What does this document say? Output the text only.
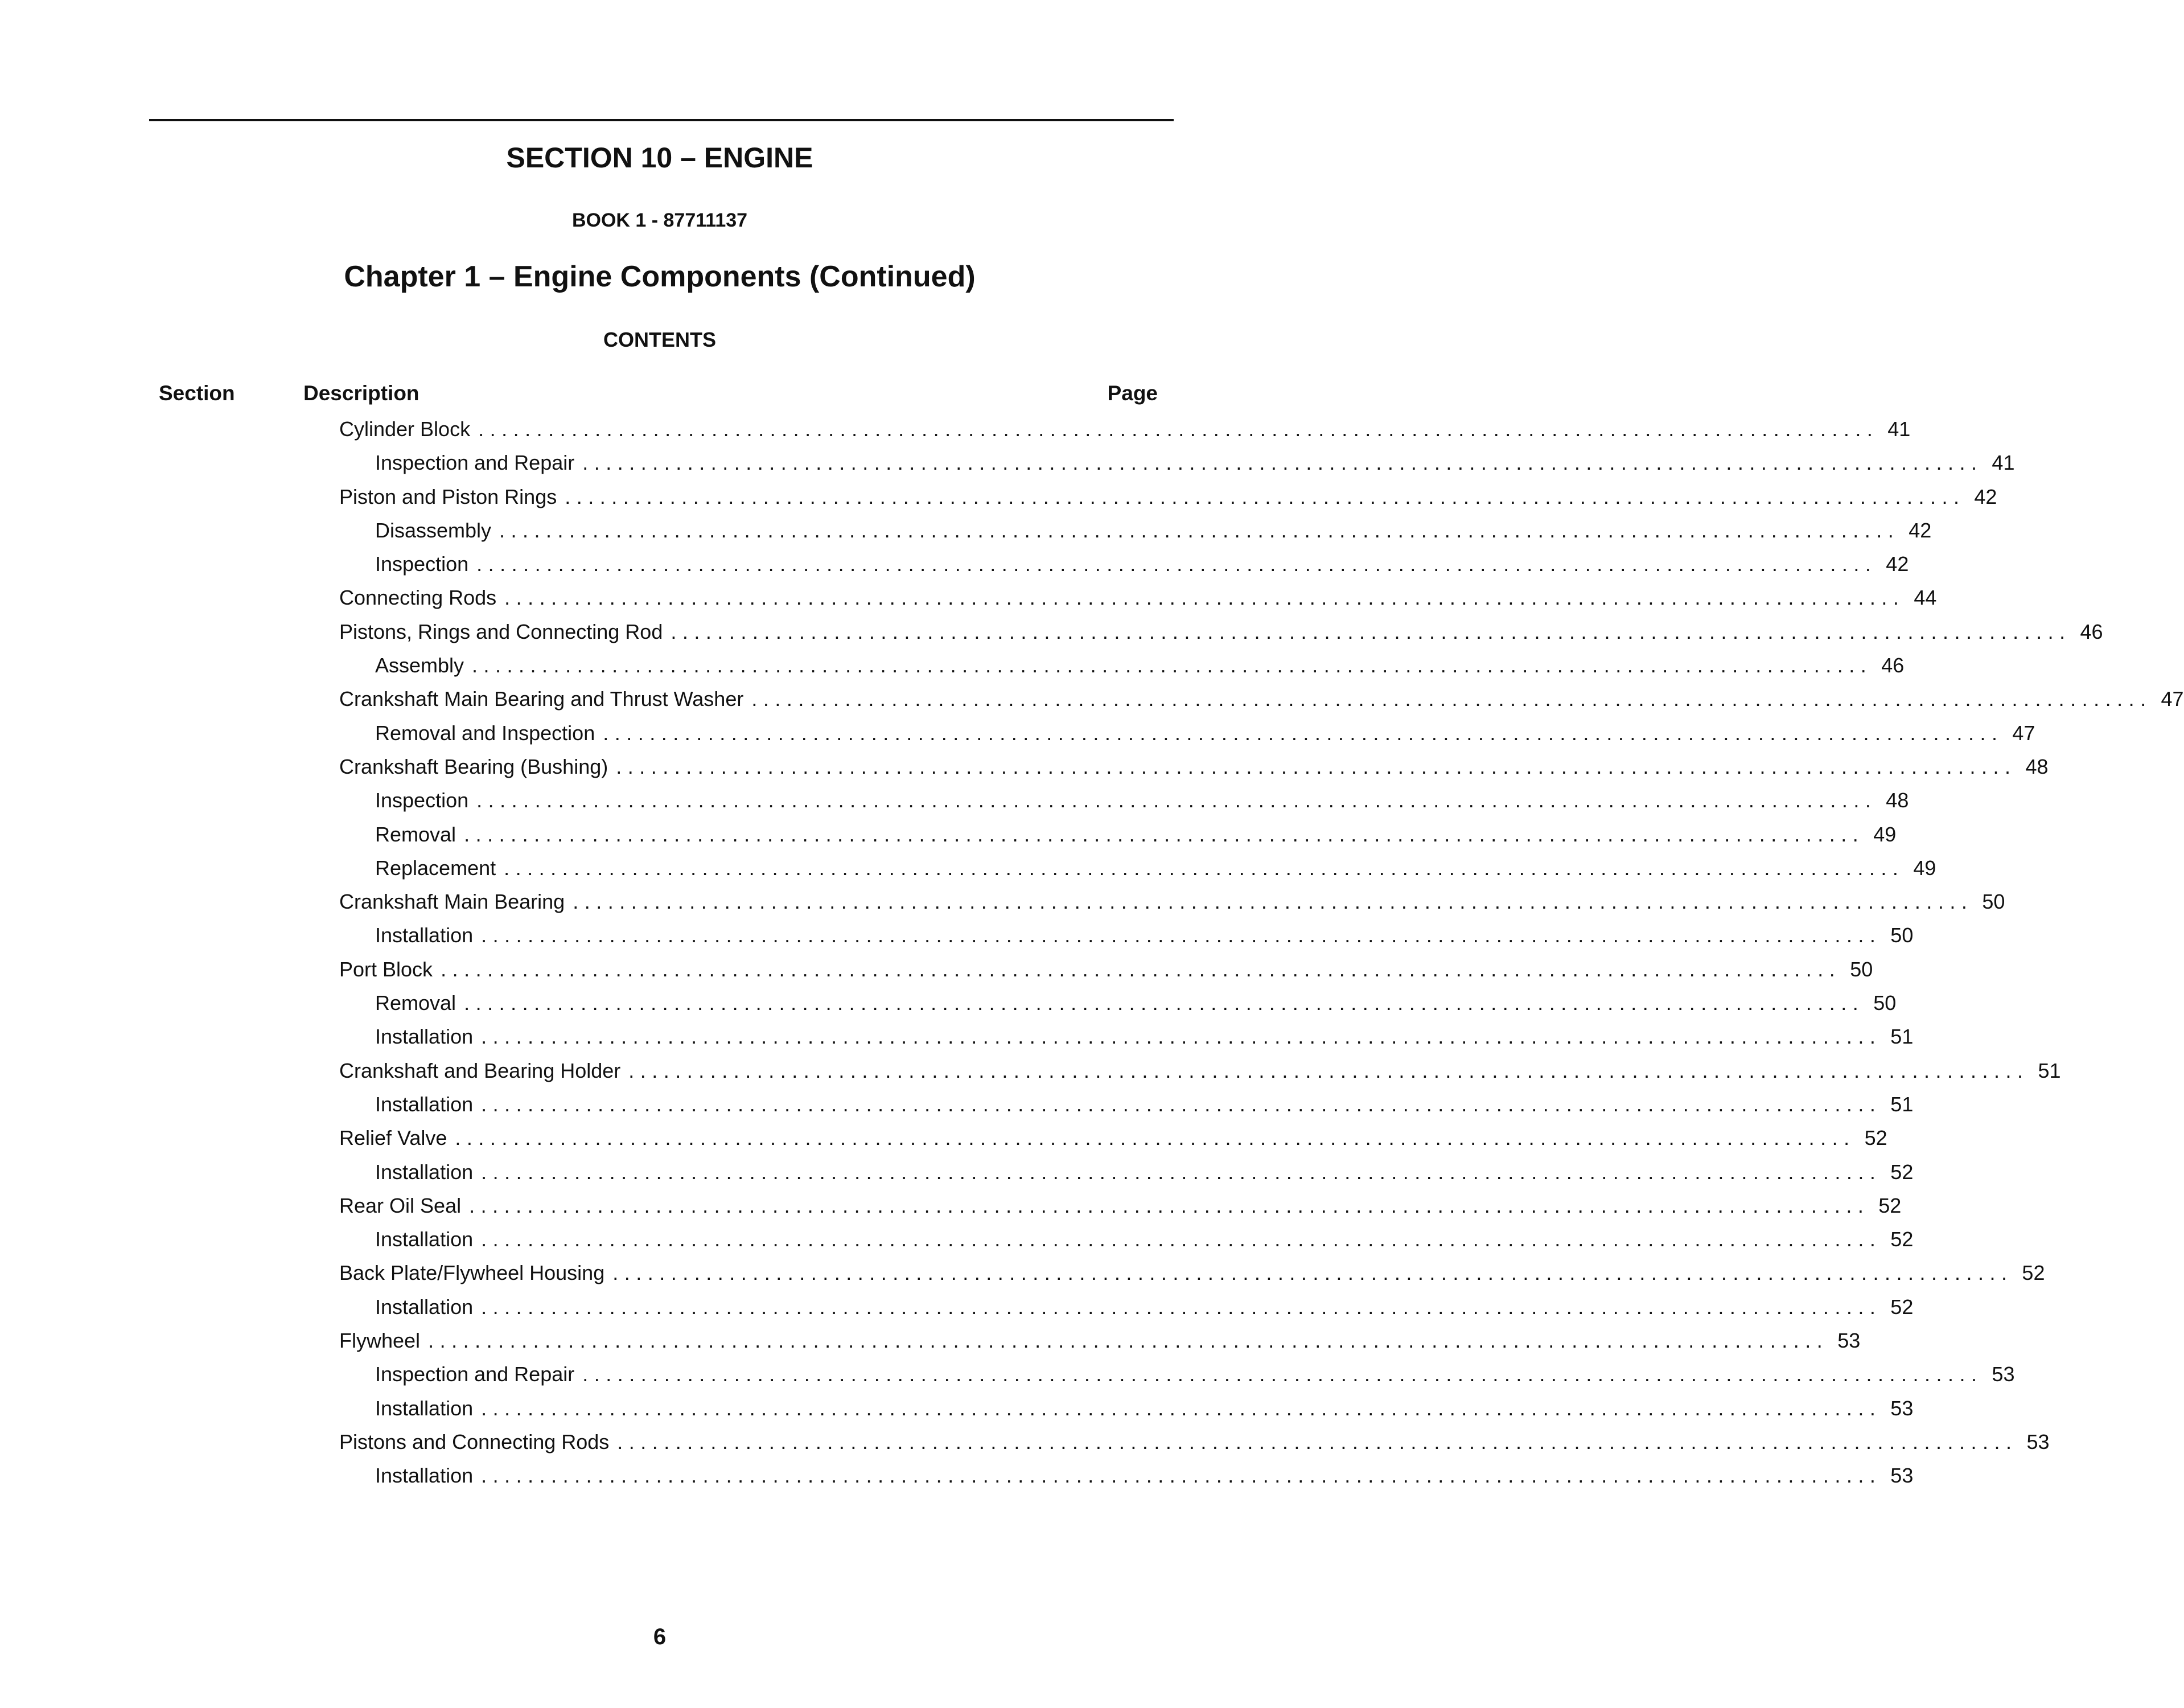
SECTION 10 – ENGINE
BOOK 1 - 87711137
Chapter 1 – Engine Components (Continued)
CONTENTS
Section	Description	Page
Cylinder Block ........................................................................................................................ 41
Inspection and Repair ........................................................................................................................ 41
Piston and Piston Rings ........................................................................................................................ 42
Disassembly ........................................................................................................................ 42
Inspection ........................................................................................................................ 42
Connecting Rods ........................................................................................................................ 44
Pistons, Rings and Connecting Rod ........................................................................................................................ 46
Assembly ........................................................................................................................ 46
Crankshaft Main Bearing and Thrust Washer ........................................................................................................................ 47
Removal and Inspection ........................................................................................................................ 47
Crankshaft Bearing (Bushing) ........................................................................................................................ 48
Inspection ........................................................................................................................ 48
Removal ........................................................................................................................ 49
Replacement ........................................................................................................................ 49
Crankshaft Main Bearing ........................................................................................................................ 50
Installation ........................................................................................................................ 50
Port Block ........................................................................................................................ 50
Removal ........................................................................................................................ 50
Installation ........................................................................................................................ 51
Crankshaft and Bearing Holder ........................................................................................................................ 51
Installation ........................................................................................................................ 51
Relief Valve ........................................................................................................................ 52
Installation ........................................................................................................................ 52
Rear Oil Seal ........................................................................................................................ 52
Installation ........................................................................................................................ 52
Back Plate/Flywheel Housing ........................................................................................................................ 52
Installation ........................................................................................................................ 52
Flywheel ........................................................................................................................ 53
Inspection and Repair ........................................................................................................................ 53
Installation ........................................................................................................................ 53
Pistons and Connecting Rods ........................................................................................................................ 53
Installation ........................................................................................................................ 53
6
